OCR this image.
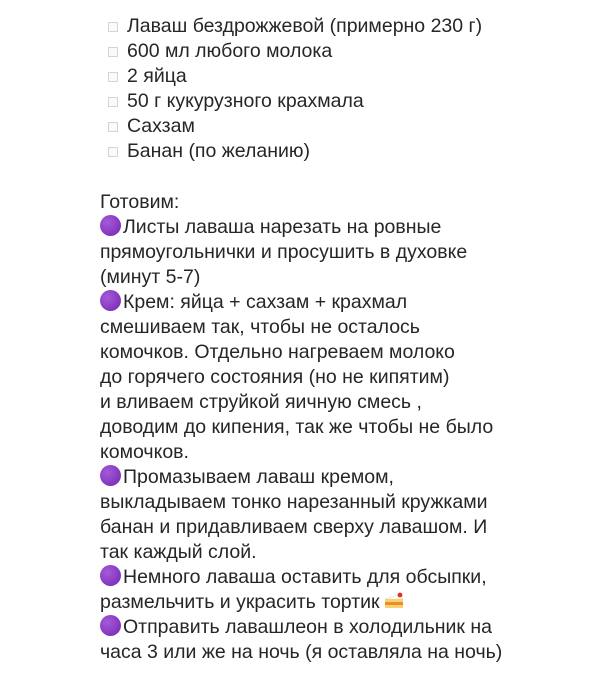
Лаваш бездрожжевой (примерно 230 г)
600 мл любого молока
2 яйца
50 г кукурузного крахмала
Сахзам
Банан (по желанию)
Готовим:
Листы лаваша нарезать на ровные
прямоугольнички и просушить в духовке
(минут 5-7)
Крем: яйца + сахзам + крахмал
смешиваем так, чтобы не осталось
комочков. Отдельно нагреваем молоко
до горячего состояния (но не кипятим)
и вливаем струйкой яичную смесь ,
доводим до кипения, так же чтобы не было
комочков.
Промазываем лаваш кремом,
выкладываем тонко нарезанный кружками
банан и придавливаем сверху лавашом. И
так каждый слой.
Немного лаваша оставить для обсыпки,
размельчить и украсить тортик
Отправить лавашлеон в холодильник на
часа 3 или же на ночь (я оставляла на ночь)
